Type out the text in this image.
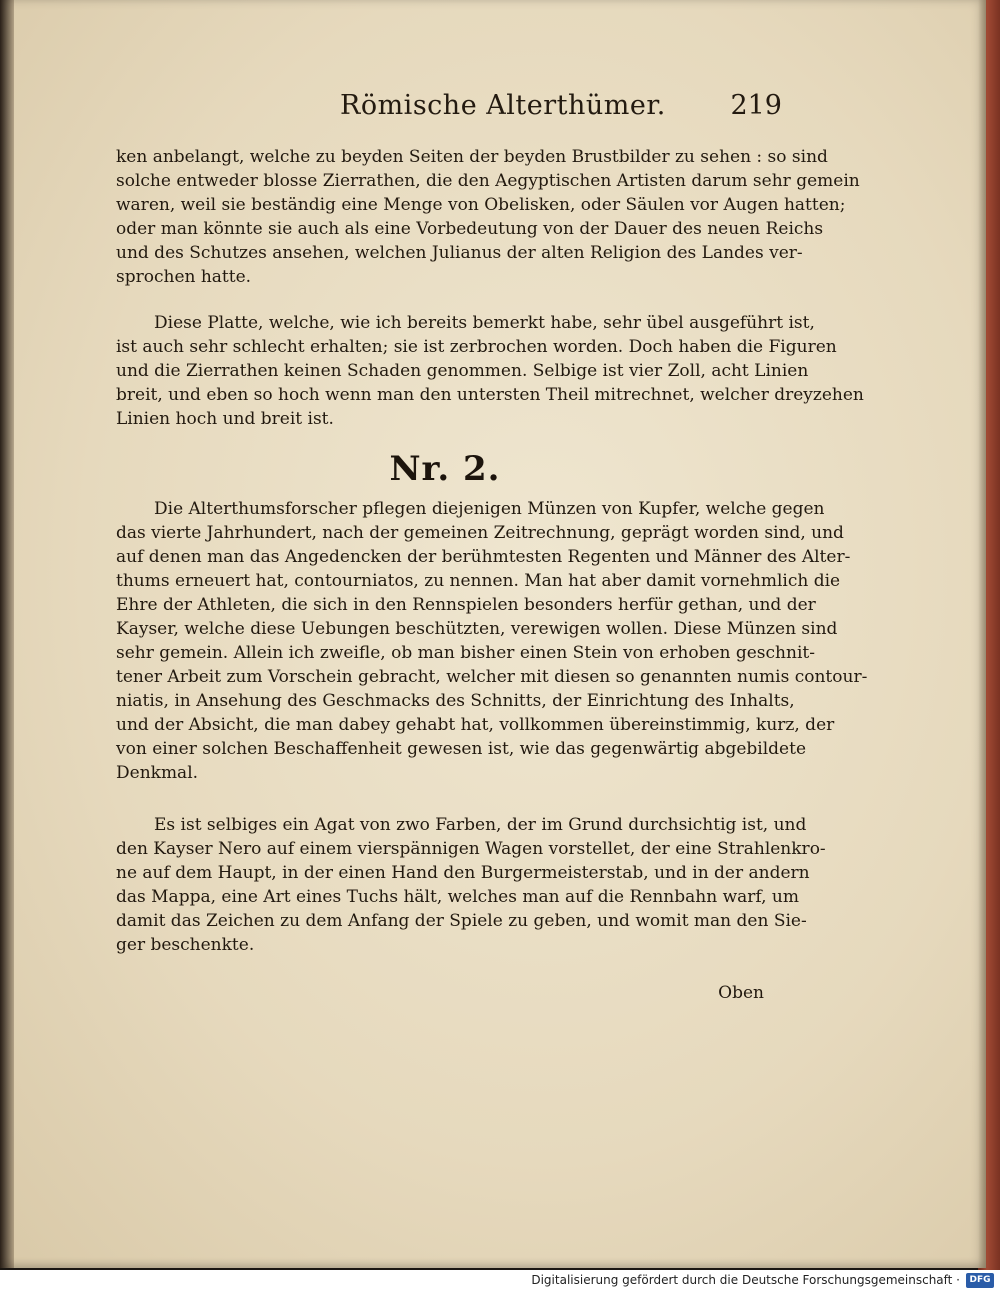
Römische Alterthümer. 219
ken anbelangt, welche zu beyden Seiten der beyden Brustbilder zu sehen : so sind
solche entweder blosse Zierrathen, die den Aegyptischen Artisten darum sehr gemein
waren, weil sie beständig eine Menge von Obelisken, oder Säulen vor Augen hatten;
oder man könnte sie auch als eine Vorbedeutung von der Dauer des neuen Reichs
und des Schutzes ansehen, welchen Julianus der alten Religion des Landes ver-
sprochen hatte.
Diese Platte, welche, wie ich bereits bemerkt habe, sehr übel ausgeführt ist,
ist auch sehr schlecht erhalten; sie ist zerbrochen worden. Doch haben die Figuren
und die Zierrathen keinen Schaden genommen. Selbige ist vier Zoll, acht Linien
breit, und eben so hoch wenn man den untersten Theil mitrechnet, welcher dreyzehen
Linien hoch und breit ist.
Nr. 2.
Die Alterthumsforscher pflegen diejenigen Münzen von Kupfer, welche gegen
das vierte Jahrhundert, nach der gemeinen Zeitrechnung, geprägt worden sind, und
auf denen man das Angedencken der berühmtesten Regenten und Männer des Alter-
thums erneuert hat, contourniatos, zu nennen. Man hat aber damit vornehmlich die
Ehre der Athleten, die sich in den Rennspielen besonders herfür gethan, und der
Kayser, welche diese Uebungen beschützten, verewigen wollen. Diese Münzen sind
sehr gemein. Allein ich zweifle, ob man bisher einen Stein von erhoben geschnit-
tener Arbeit zum Vorschein gebracht, welcher mit diesen so genannten numis contour-
niatis, in Ansehung des Geschmacks des Schnitts, der Einrichtung des Inhalts,
und der Absicht, die man dabey gehabt hat, vollkommen übereinstimmig, kurz, der
von einer solchen Beschaffenheit gewesen ist, wie das gegenwärtig abgebildete
Denkmal.
Es ist selbiges ein Agat von zwo Farben, der im Grund durchsichtig ist, und
den Kayser Nero auf einem vierspännigen Wagen vorstellet, der eine Strahlenkro-
ne auf dem Haupt, in der einen Hand den Burgermeisterstab, und in der andern
das Mappa, eine Art eines Tuchs hält, welches man auf die Rennbahn warf, um
damit das Zeichen zu dem Anfang der Spiele zu geben, und womit man den Sie-
ger beschenkte.
Oben
Digitalisierung gefördert durch die Deutsche Forschungsgemeinschaft ·	DFG
